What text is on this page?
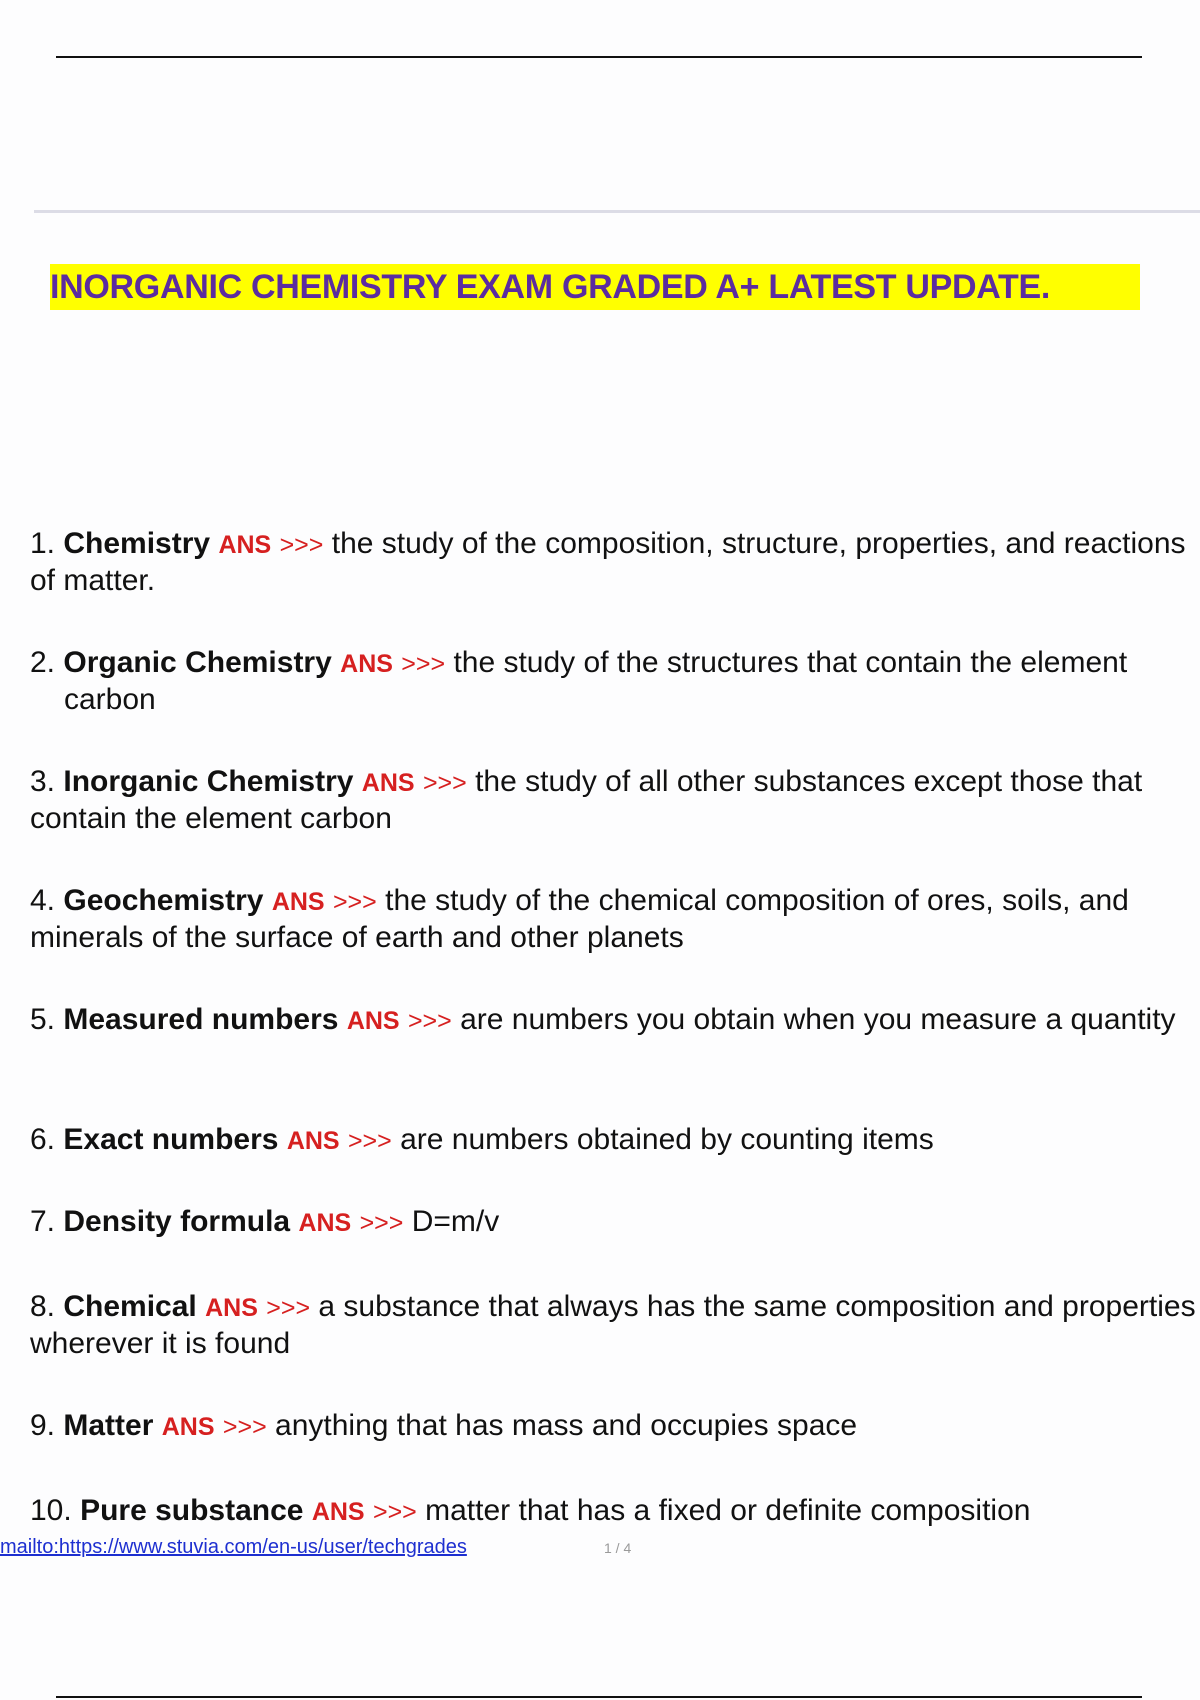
INORGANIC CHEMISTRY EXAM GRADED A+ LATEST UPDATE.
1. Chemistry ANS >>> the study of the composition, structure, properties, and reactions of matter.
2. Organic Chemistry ANS >>> the study of the structures that contain the element carbon
3. Inorganic Chemistry ANS >>> the study of all other substances except those that contain the element carbon
4. Geochemistry ANS >>> the study of the chemical composition of ores, soils, and minerals of the surface of earth and other planets
5. Measured numbers ANS >>> are numbers you obtain when you measure a quantity
6. Exact numbers ANS >>> are numbers obtained by counting items
7. Density formula ANS >>> D=m/v
8. Chemical ANS >>> a substance that always has the same composition and properties wherever it is found
9. Matter ANS >>> anything that has mass and occupies space
10. Pure substance ANS >>> matter that has a fixed or definite composition
mailto:https://www.stuvia.com/en-us/user/techgrades	1 / 4
